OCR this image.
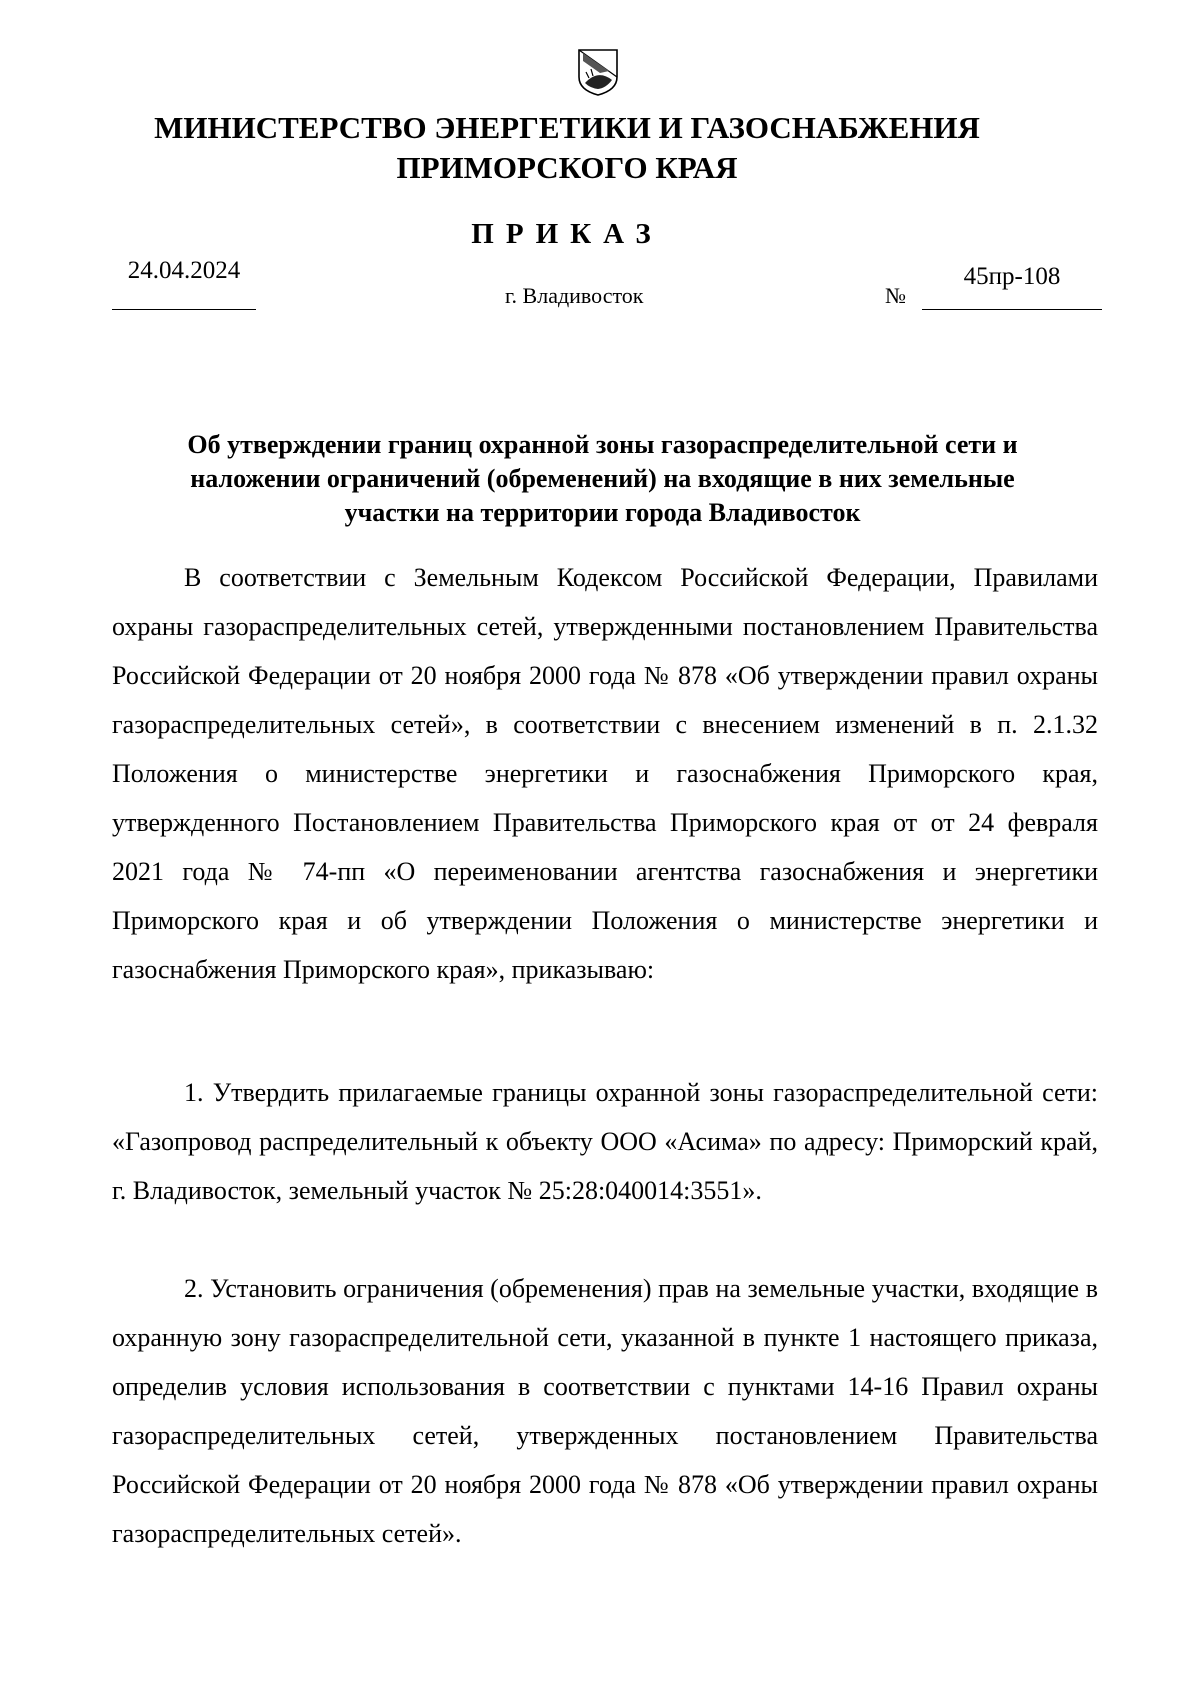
МИНИСТЕРСТВО ЭНЕРГЕТИКИ И ГАЗОСНАБЖЕНИЯ
ПРИМОРСКОГО КРАЯ
ПРИКАЗ
24.04.2024
г. Владивосток	№
45пр-108
Об утверждении границ охранной зоны газораспределительной сети и
наложении ограничений (обременений) на входящие в них земельные
участки на территории города Владивосток

В соответствии с Земельным Кодексом Российской Федерации, Правилами охраны газораспределительных сетей, утвержденными постановлением Правительства Российской Федерации от 20 ноября 2000 года № 878 «Об утверждении правил охраны газораспределительных сетей», в соответствии с внесением изменений в п. 2.1.32 Положения о министерстве энергетики и газоснабжения Приморского края, утвержденного Постановлением Правительства Приморского края от от 24 февраля 2021 года № 74-пп «О переименовании агентства газоснабжения и энергетики Приморского края и об утверждении Положения о министерстве энергетики и газоснабжения Приморского края», приказываю:

1. Утвердить прилагаемые границы охранной зоны газораспределительной сети: «Газопровод распределительный к объекту ООО «Асима» по адресу: Приморский край, г. Владивосток, земельный участок № 25:28:040014:3551».

2. Установить ограничения (обременения) прав на земельные участки, входящие в охранную зону газораспределительной сети, указанной в пункте 1 настоящего приказа, определив условия использования в соответствии с пунктами 14-16 Правил охраны газораспределительных сетей, утвержденных постановлением Правительства Российской Федерации от 20 ноября 2000 года № 878 «Об утверждении правил охраны газораспределительных сетей».
